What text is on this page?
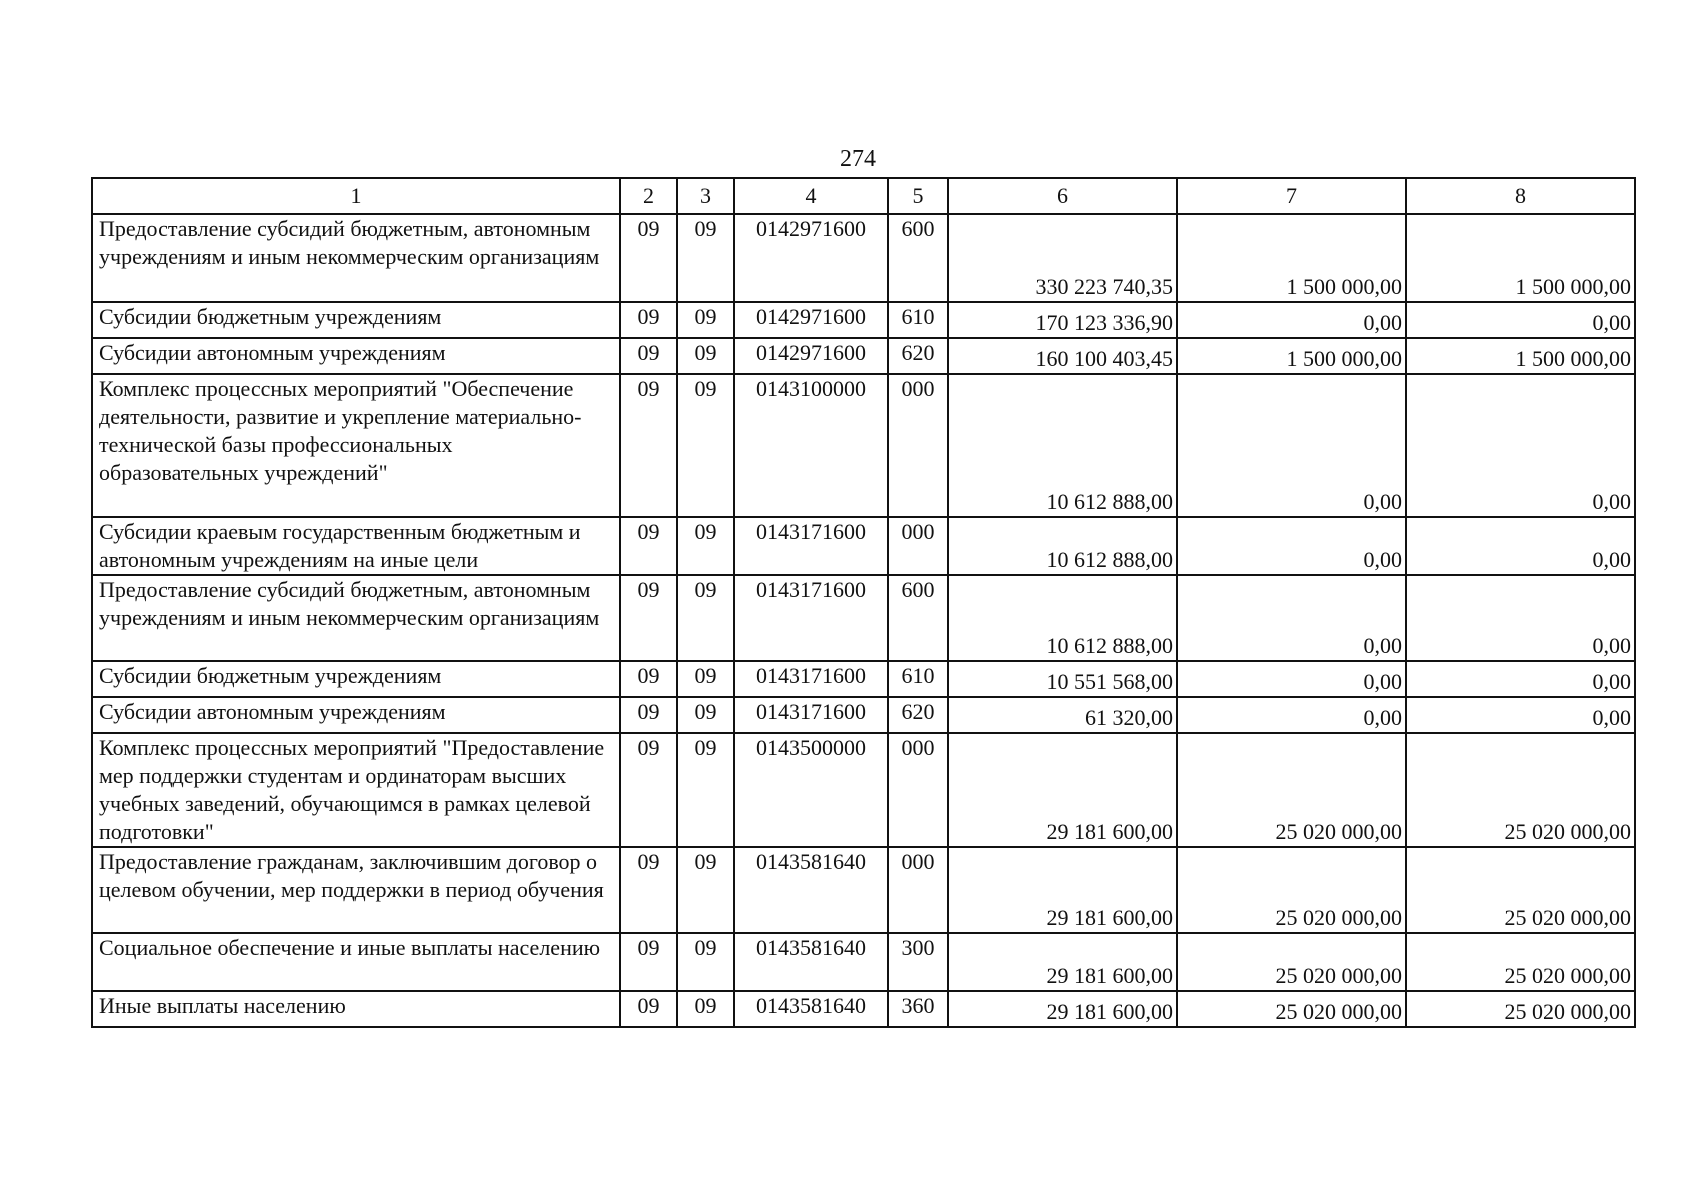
274
1	2	3	4	5	6	7	8
Предоставление субсидий бюджетным, автономным учреждениям и иным некоммерческим организациям	09	09	0142971600	600	330 223 740,35	1 500 000,00	1 500 000,00
Субсидии бюджетным учреждениям	09	09	0142971600	610	170 123 336,90	0,00	0,00
Субсидии автономным учреждениям	09	09	0142971600	620	160 100 403,45	1 500 000,00	1 500 000,00
Комплекс процессных мероприятий "Обеспечение деятельности, развитие и укрепление материально-технической базы профессиональных образовательных учреждений"	09	09	0143100000	000	10 612 888,00	0,00	0,00
Субсидии краевым государственным бюджетным и автономным учреждениям на иные цели	09	09	0143171600	000	10 612 888,00	0,00	0,00
Предоставление субсидий бюджетным, автономным учреждениям и иным некоммерческим организациям	09	09	0143171600	600	10 612 888,00	0,00	0,00
Субсидии бюджетным учреждениям	09	09	0143171600	610	10 551 568,00	0,00	0,00
Субсидии автономным учреждениям	09	09	0143171600	620	61 320,00	0,00	0,00
Комплекс процессных мероприятий "Предоставление мер поддержки студентам и ординаторам высших учебных заведений, обучающимся в рамках целевой подготовки"	09	09	0143500000	000	29 181 600,00	25 020 000,00	25 020 000,00
Предоставление гражданам, заключившим договор о целевом обучении, мер поддержки в период обучения	09	09	0143581640	000	29 181 600,00	25 020 000,00	25 020 000,00
Социальное обеспечение и иные выплаты населению	09	09	0143581640	300	29 181 600,00	25 020 000,00	25 020 000,00
Иные выплаты населению	09	09	0143581640	360	29 181 600,00	25 020 000,00	25 020 000,00
